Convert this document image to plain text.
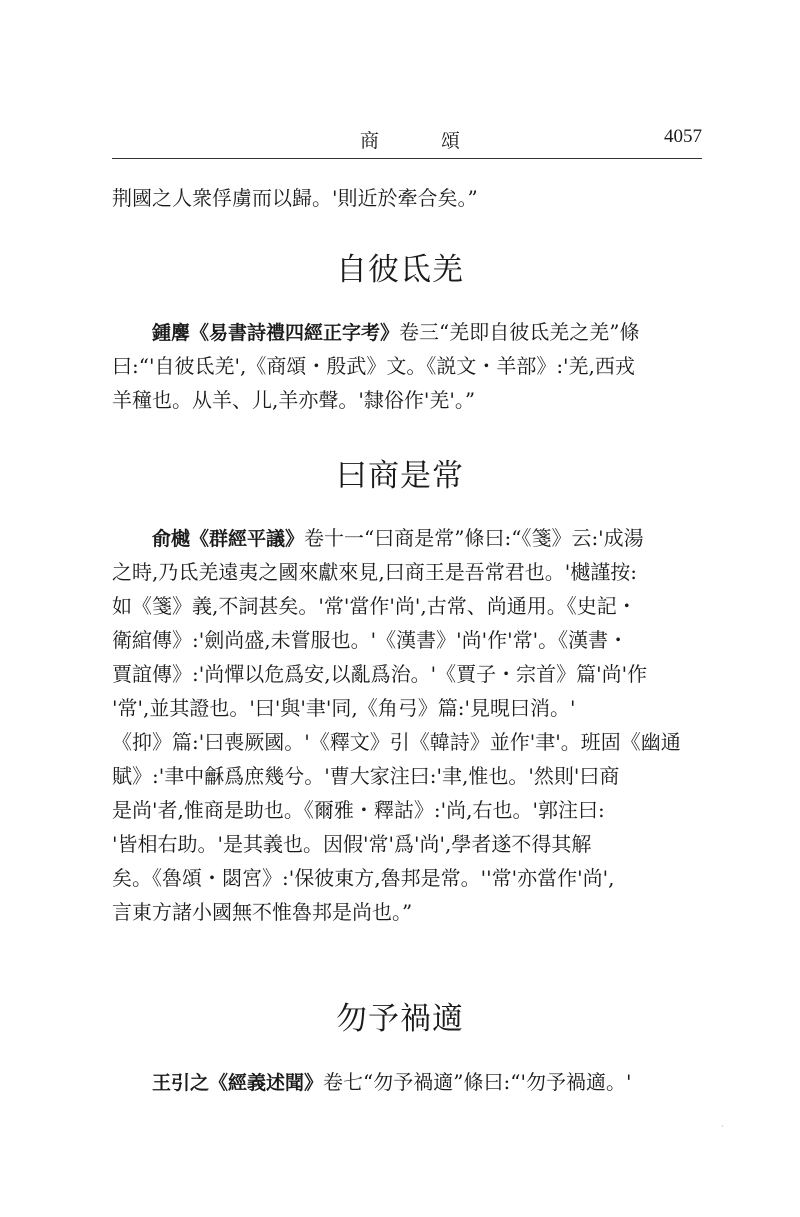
商 頌	4057
荆國之人衆俘虜而以歸。'則近於牽合矣。”
自彼氐羌
鍾麐《易書詩禮四經正字考》卷三“羌即自彼氐羌之羌”條
曰:“'自彼氐羌',《商頌・殷武》文。《説文・羊部》:'羌,西戎
羊穜也。从羊、儿,羊亦聲。'隸俗作'羌'。”
曰商是常
俞樾《群經平議》卷十一“曰商是常”條曰:“《箋》云:'成湯
之時,乃氐羌遠夷之國來獻來見,曰商王是吾常君也。'樾謹按:
如《箋》義,不詞甚矣。'常'當作'尚',古常、尚通用。《史記・
衛綰傳》:'劍尚盛,未嘗服也。'《漢書》'尚'作'常'。《漢書・
賈誼傳》:'尚憚以危爲安,以亂爲治。'《賈子・宗首》篇'尚'作
'常',並其證也。'曰'與'聿'同,《角弓》篇:'見晛曰消。'
《抑》篇:'曰喪厥國。'《釋文》引《韓詩》並作'聿'。班固《幽通
賦》:'聿中龢爲庶幾兮。'曹大家注曰:'聿,惟也。'然則'曰商
是尚'者,惟商是助也。《爾雅・釋詁》:'尚,右也。'郭注曰:
'皆相右助。'是其義也。因假'常'爲'尚',學者遂不得其解
矣。《魯頌・閟宮》:'保彼東方,魯邦是常。''常'亦當作'尚',
言東方諸小國無不惟魯邦是尚也。”
勿予禍適
王引之《經義述聞》卷七“勿予禍適”條曰:“'勿予禍適。'
·
